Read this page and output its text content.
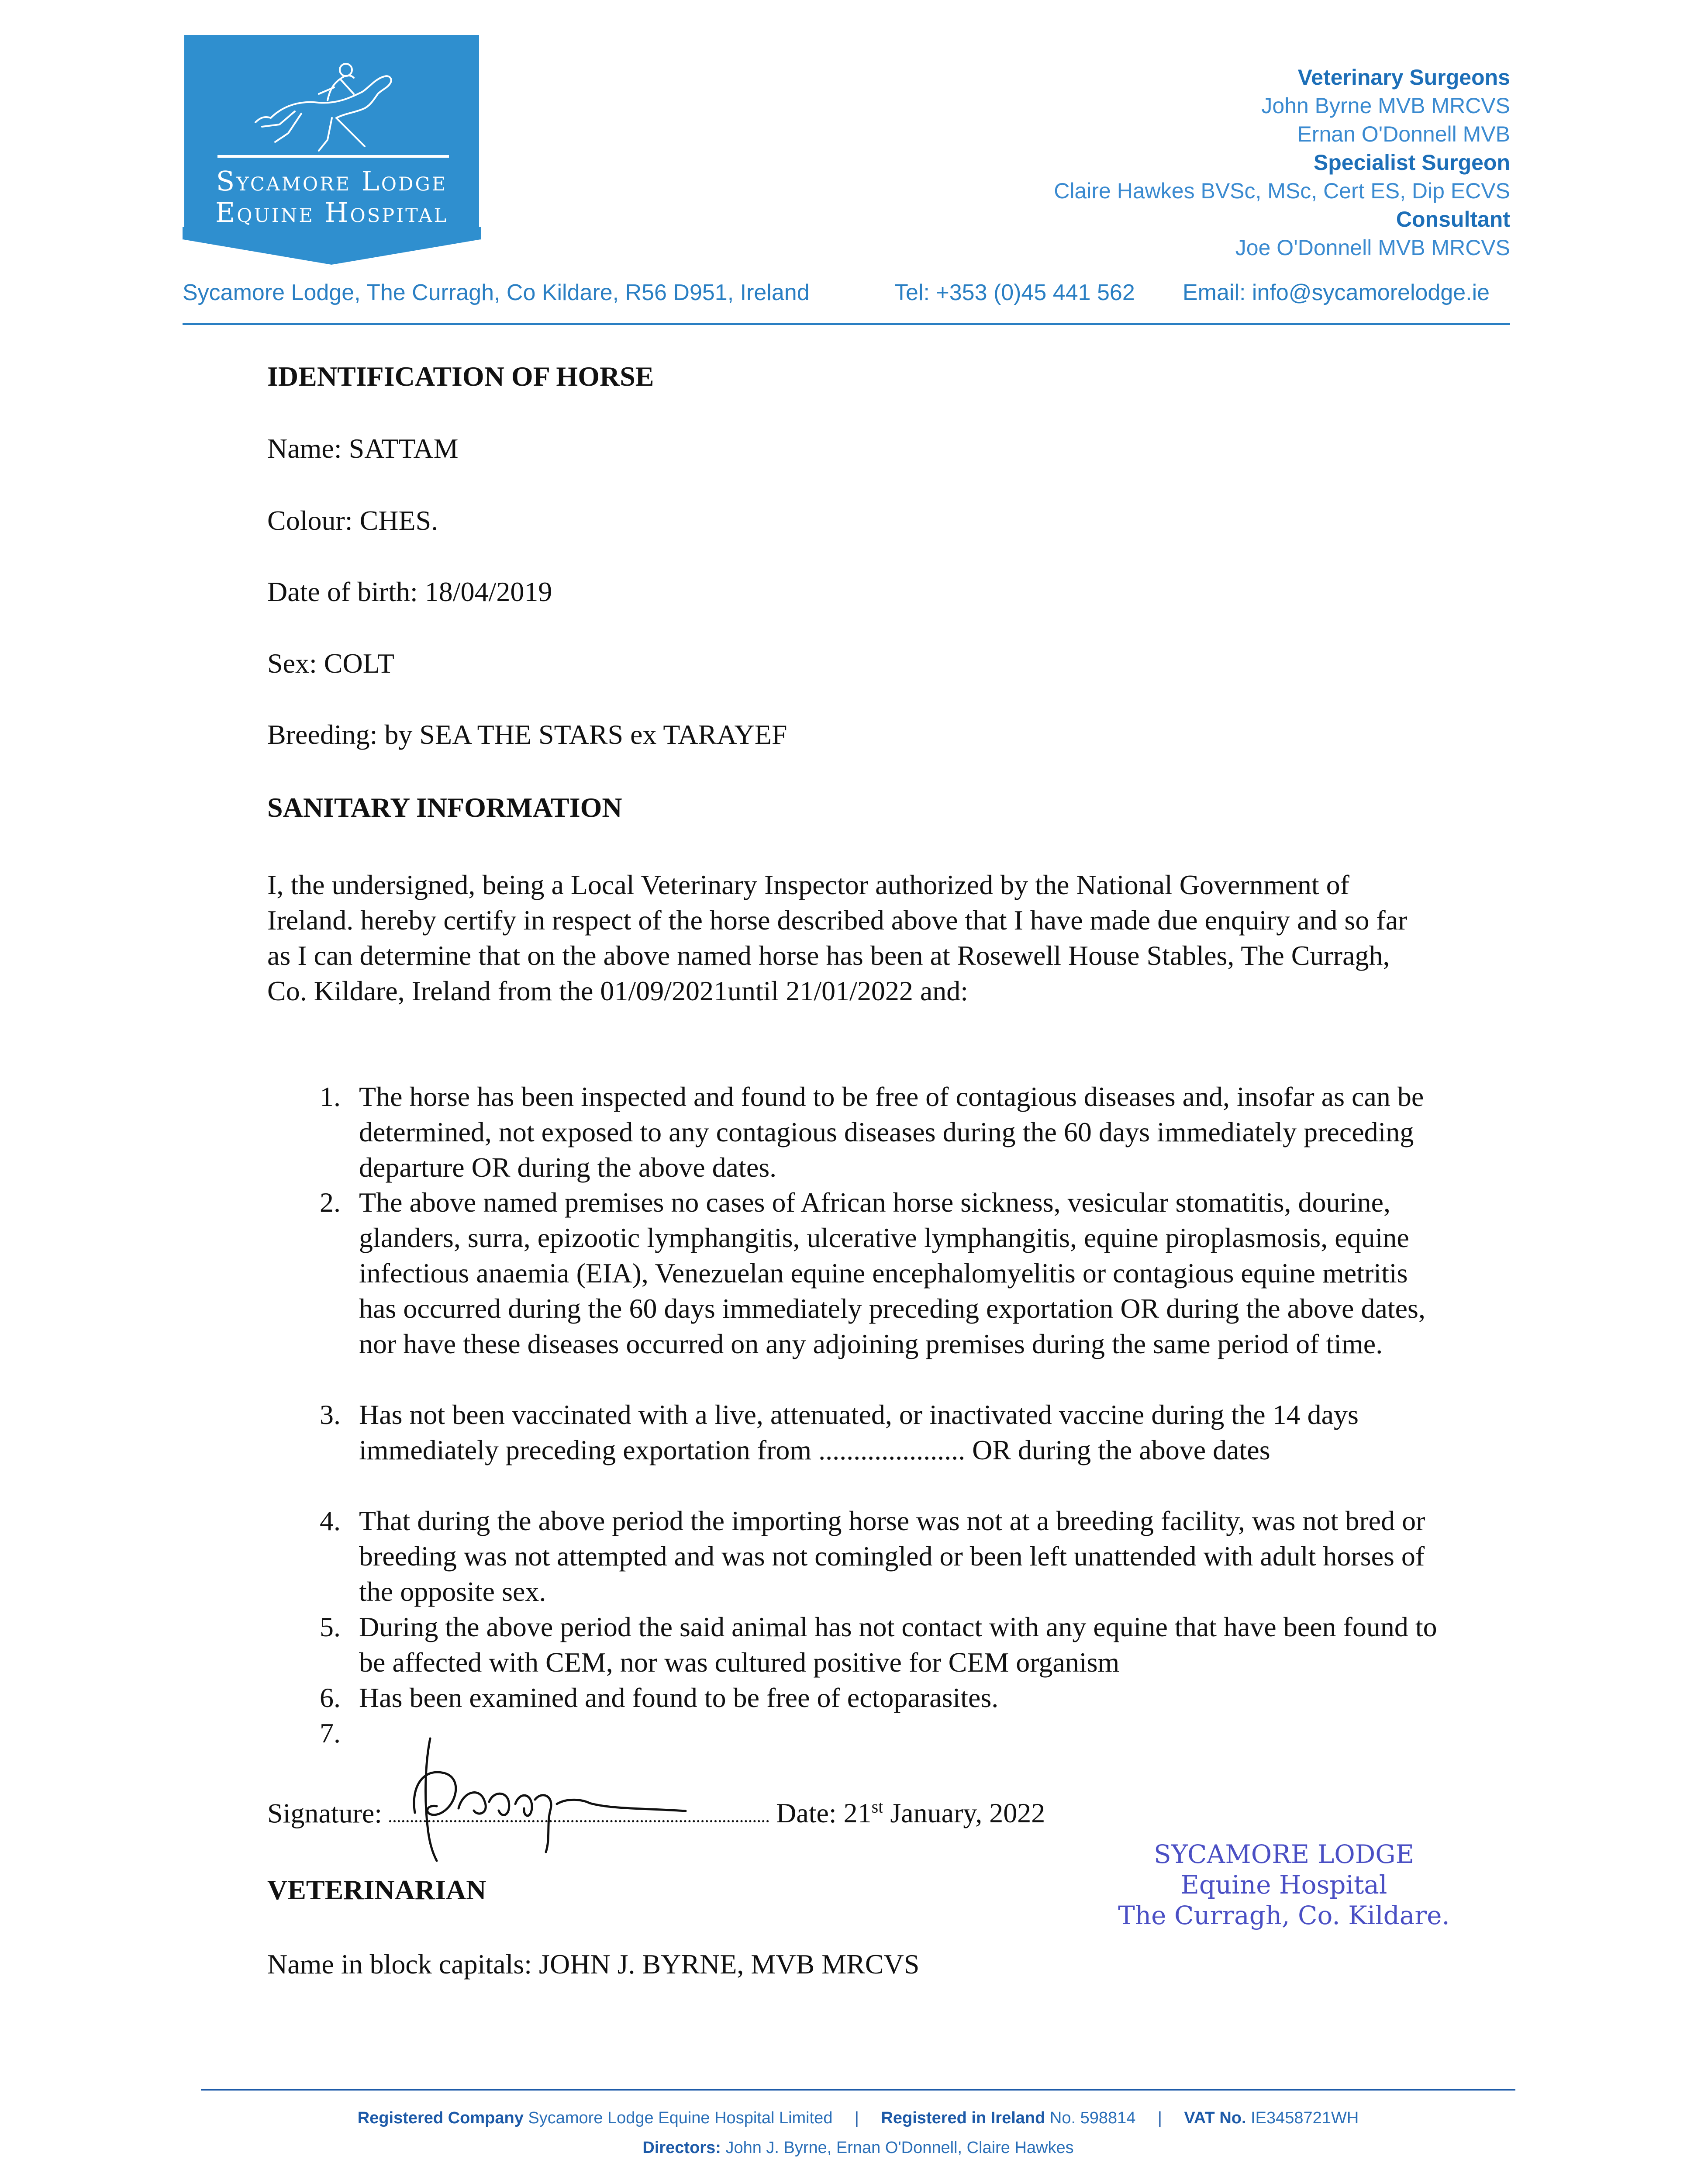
Sycamore Lodge
Equine Hospital
Veterinary Surgeons
John Byrne MVB MRCVS
Ernan O'Donnell MVB
Specialist Surgeon
Claire Hawkes BVSc, MSc, Cert ES, Dip ECVS
Consultant
Joe O'Donnell MVB MRCVS
Sycamore Lodge, The Curragh, Co Kildare, R56 D951, Ireland	Tel: +353 (0)45 441 562 Email: info@sycamorelodge.ie
IDENTIFICATION OF HORSE
Name: SATTAM
Colour: CHES.
Date of birth: 18/04/2019
Sex: COLT
Breeding: by SEA THE STARS ex TARAYEF
SANITARY INFORMATION
I, the undersigned, being a Local Veterinary Inspector authorized by the National Government of Ireland. hereby certify in respect of the horse described above that I have made due enquiry and so far as I can determine that on the above named horse has been at Rosewell House Stables, The Curragh, Co. Kildare, Ireland from the 01/09/2021until 21/01/2022 and:
1. The horse has been inspected and found to be free of contagious diseases and, insofar as can be determined, not exposed to any contagious diseases during the 60 days immediately preceding departure OR during the above dates.
2. The above named premises no cases of African horse sickness, vesicular stomatitis, dourine, glanders, surra, epizootic lymphangitis, ulcerative lymphangitis, equine piroplasmosis, equine infectious anaemia (EIA), Venezuelan equine encephalomyelitis or contagious equine metritis has occurred during the 60 days immediately preceding exportation OR during the above dates, nor have these diseases occurred on any adjoining premises during the same period of time.
3. Has not been vaccinated with a live, attenuated, or inactivated vaccine during the 14 days immediately preceding exportation from ..................... OR during the above dates
4. That during the above period the importing horse was not at a breeding facility, was not bred or breeding was not attempted and was not comingled or been left unattended with adult horses of the opposite sex.
5. During the above period the said animal has not contact with any equine that have been found to be affected with CEM, nor was cultured positive for CEM organism
6. Has been examined and found to be free of ectoparasites.
7.
Signature:	Date: 21st January, 2022
VETERINARIAN
Name in block capitals: JOHN J. BYRNE, MVB MRCVS
SYCAMORE LODGE
Equine Hospital
The Curragh, Co. Kildare.
Registered Company Sycamore Lodge Equine Hospital Limited | Registered in Ireland No. 598814 | VAT No. IE3458721WH
Directors: John J. Byrne, Ernan O'Donnell, Claire Hawkes
